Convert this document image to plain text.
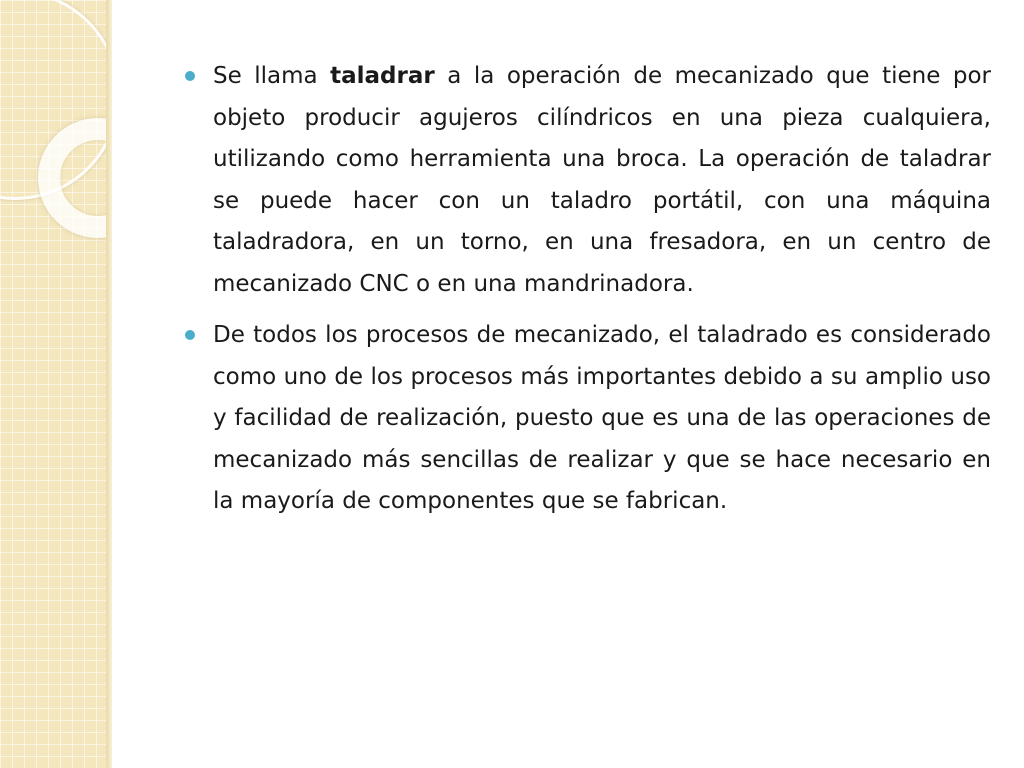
Se llama taladrar a la operación de mecanizado que tiene por objeto producir agujeros cilíndricos en una pieza cualquiera, utilizando como herramienta una broca. La operación de taladrar se puede hacer con un taladro portátil, con una máquina taladradora, en un torno, en una fresadora, en un centro de mecanizado CNC o en una mandrinadora.
De todos los procesos de mecanizado, el taladrado es considerado como uno de los procesos más importantes debido a su amplio uso y facilidad de realización, puesto que es una de las operaciones de mecanizado más sencillas de realizar y que se hace necesario en la mayoría de componentes que se fabrican.
